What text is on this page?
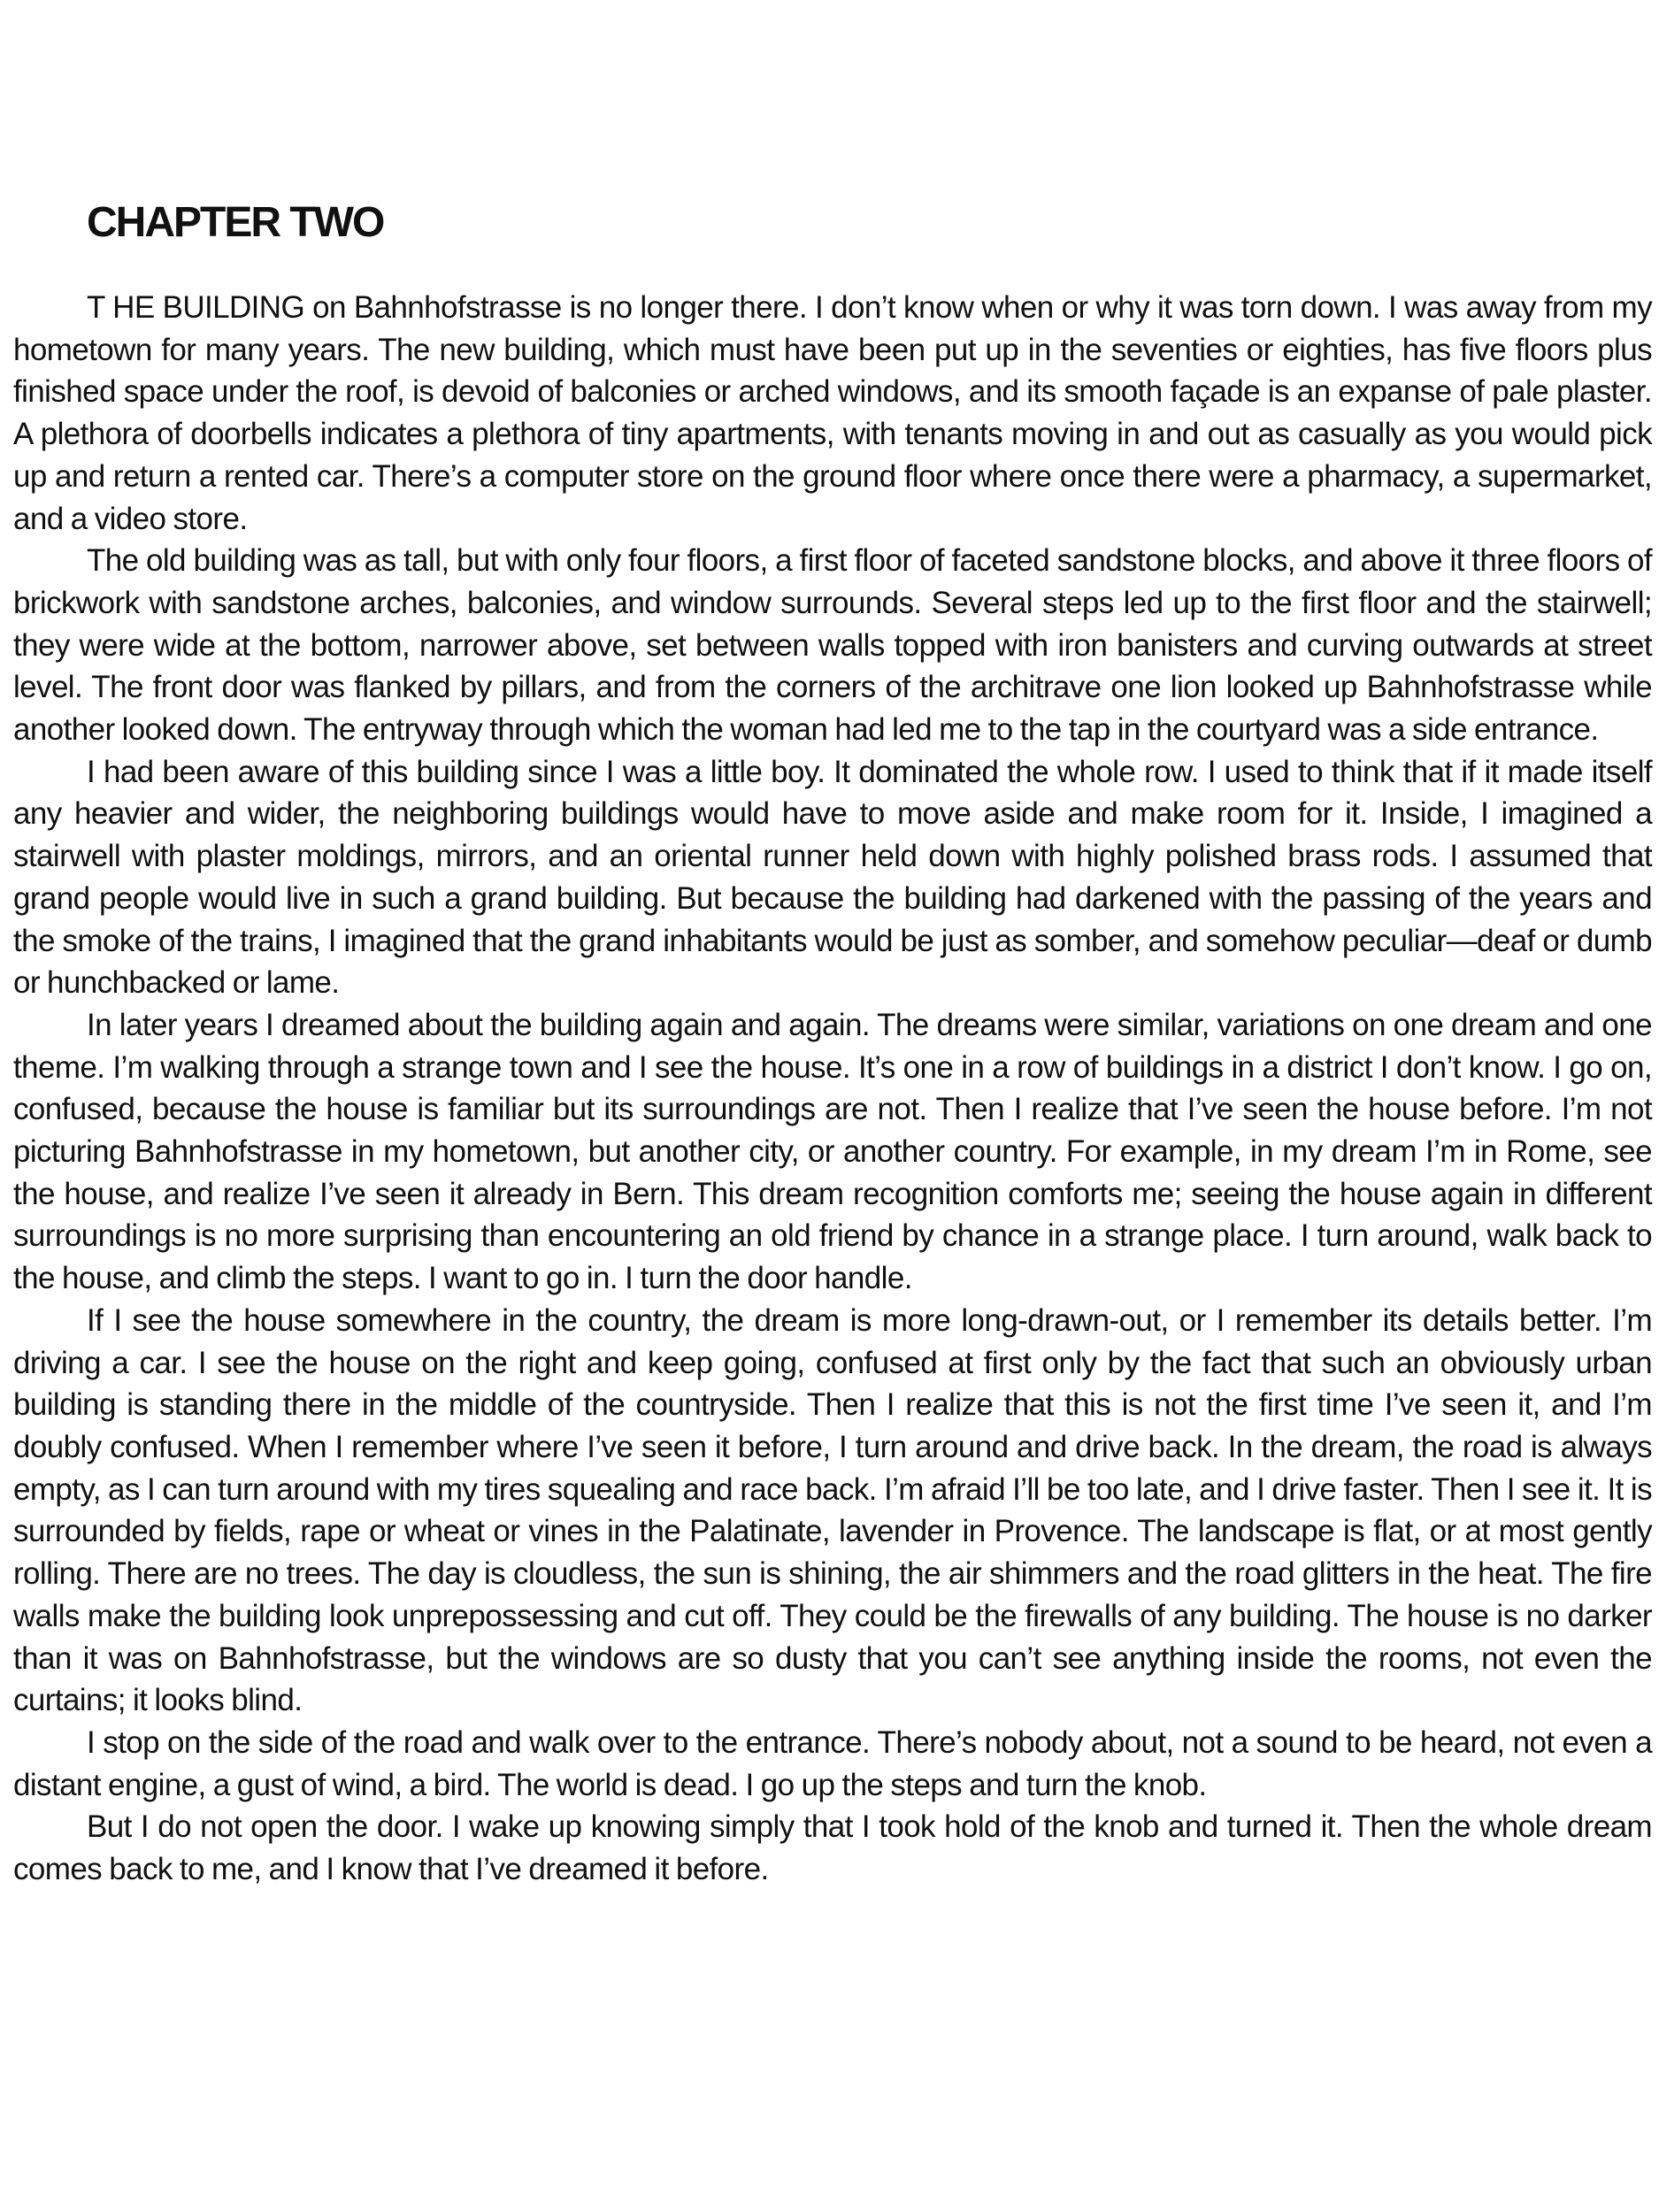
CHAPTER TWO

T HE BUILDING on Bahnhofstrasse is no longer there. I don’t know when or why it was torn down. I was away from my hometown for many years. The new building, which must have been put up in the seventies or eighties, has five floors plus finished space under the roof, is devoid of balconies or arched windows, and its smooth façade is an expanse of pale plaster. A plethora of doorbells indicates a plethora of tiny apartments, with tenants moving in and out as casually as you would pick up and return a rented car. There’s a computer store on the ground floor where once there were a pharmacy, a supermarket, and a video store.

The old building was as tall, but with only four floors, a first floor of faceted sandstone blocks, and above it three floors of brickwork with sandstone arches, balconies, and window surrounds. Several steps led up to the first floor and the stairwell; they were wide at the bottom, narrower above, set between walls topped with iron banisters and curving outwards at street level. The front door was flanked by pillars, and from the corners of the architrave one lion looked up Bahnhofstrasse while another looked down. The entryway through which the woman had led me to the tap in the courtyard was a side entrance.

I had been aware of this building since I was a little boy. It dominated the whole row. I used to think that if it made itself any heavier and wider, the neighboring buildings would have to move aside and make room for it. Inside, I imagined a stairwell with plaster moldings, mirrors, and an oriental runner held down with highly polished brass rods. I assumed that grand people would live in such a grand building. But because the building had darkened with the passing of the years and the smoke of the trains, I imagined that the grand inhabitants would be just as somber, and somehow peculiar—deaf or dumb or hunchbacked or lame.

In later years I dreamed about the building again and again. The dreams were similar, variations on one dream and one theme. I’m walking through a strange town and I see the house. It’s one in a row of buildings in a district I don’t know. I go on, confused, because the house is familiar but its surroundings are not. Then I realize that I’ve seen the house before. I’m not picturing Bahnhofstrasse in my hometown, but another city, or another country. For example, in my dream I’m in Rome, see the house, and realize I’ve seen it already in Bern. This dream recognition comforts me; seeing the house again in different surroundings is no more surprising than encountering an old friend by chance in a strange place. I turn around, walk back to the house, and climb the steps. I want to go in. I turn the door handle.

If I see the house somewhere in the country, the dream is more long-drawn-out, or I remember its details better. I’m driving a car. I see the house on the right and keep going, confused at first only by the fact that such an obviously urban building is standing there in the middle of the countryside. Then I realize that this is not the first time I’ve seen it, and I’m doubly confused. When I remember where I’ve seen it before, I turn around and drive back. In the dream, the road is always empty, as I can turn around with my tires squealing and race back. I’m afraid I’ll be too late, and I drive faster. Then I see it. It is surrounded by fields, rape or wheat or vines in the Palatinate, lavender in Provence. The landscape is flat, or at most gently rolling. There are no trees. The day is cloudless, the sun is shining, the air shimmers and the road glitters in the heat. The fire walls make the building look unprepossessing and cut off. They could be the firewalls of any building. The house is no darker than it was on Bahnhofstrasse, but the windows are so dusty that you can’t see anything inside the rooms, not even the curtains; it looks blind.

I stop on the side of the road and walk over to the entrance. There’s nobody about, not a sound to be heard, not even a distant engine, a gust of wind, a bird. The world is dead. I go up the steps and turn the knob.

But I do not open the door. I wake up knowing simply that I took hold of the knob and turned it. Then the whole dream comes back to me, and I know that I’ve dreamed it before.
